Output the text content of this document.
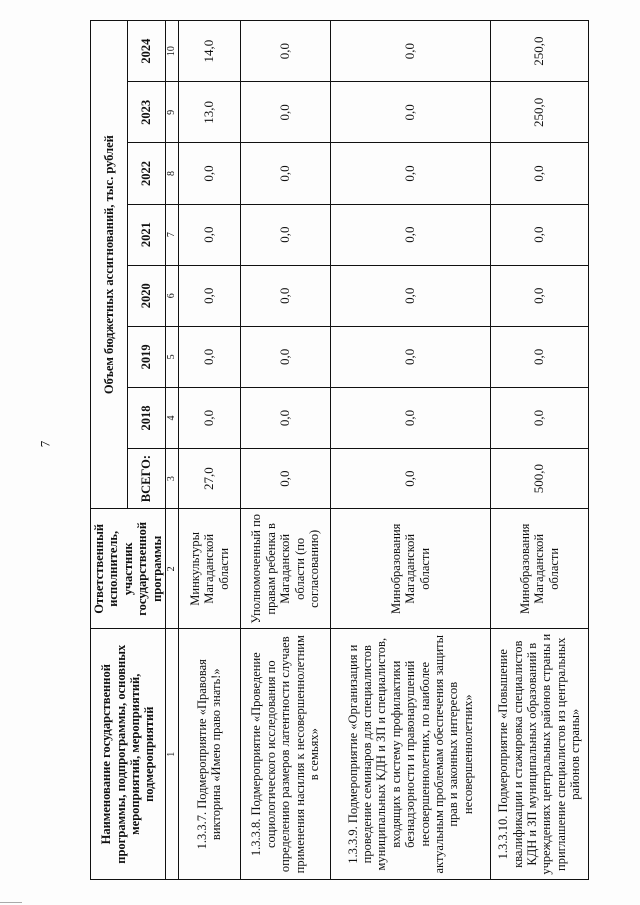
7
Наименование государственной программы, подпрограммы, основных мероприятий, мероприятий, подмероприятий	Ответственный исполнитель, участник государственной программы	Объем бюджетных ассигнований, тыс. рублей							
		ВСЕГО:	2018	2019	2020	2021	2022	2023	2024
1	2	3	4	5	6	7	8	9	10
1.3.3.7. Подмероприятие «Правовая викторина «Имею право знать!»	Минкультуры Магаданской области	27,0	0,0	0,0	0,0	0,0	0,0	13,0	14,0
1.3.3.8. Подмероприятие «Проведение социологического исследования по определению размеров латентности случаев применения насилия к несовершеннолетним в семьях»	Уполномоченный по правам ребенка в Магаданской области (по согласованию)	0,0	0,0	0,0	0,0	0,0	0,0	0,0	0,0
1.3.3.9. Подмероприятие «Организация и проведение семинаров для специалистов муниципальных КДН и ЗП и специалистов, входящих в систему профилактики безнадзорности и правонарушений несовершеннолетних, по наиболее актуальным проблемам обеспечения защиты прав и законных интересов несовершеннолетних»	Минобразования Магаданской области	0,0	0,0	0,0	0,0	0,0	0,0	0,0	0,0
1.3.3.10. Подмероприятие «Повышение квалификации и стажировка специалистов КДН и ЗП муниципальных образований в учреждениях центральных районов страны и приглашение специалистов из центральных районов страны»	Минобразования Магаданской области	500,0	0,0	0,0	0,0	0,0	0,0	250,0	250,0
